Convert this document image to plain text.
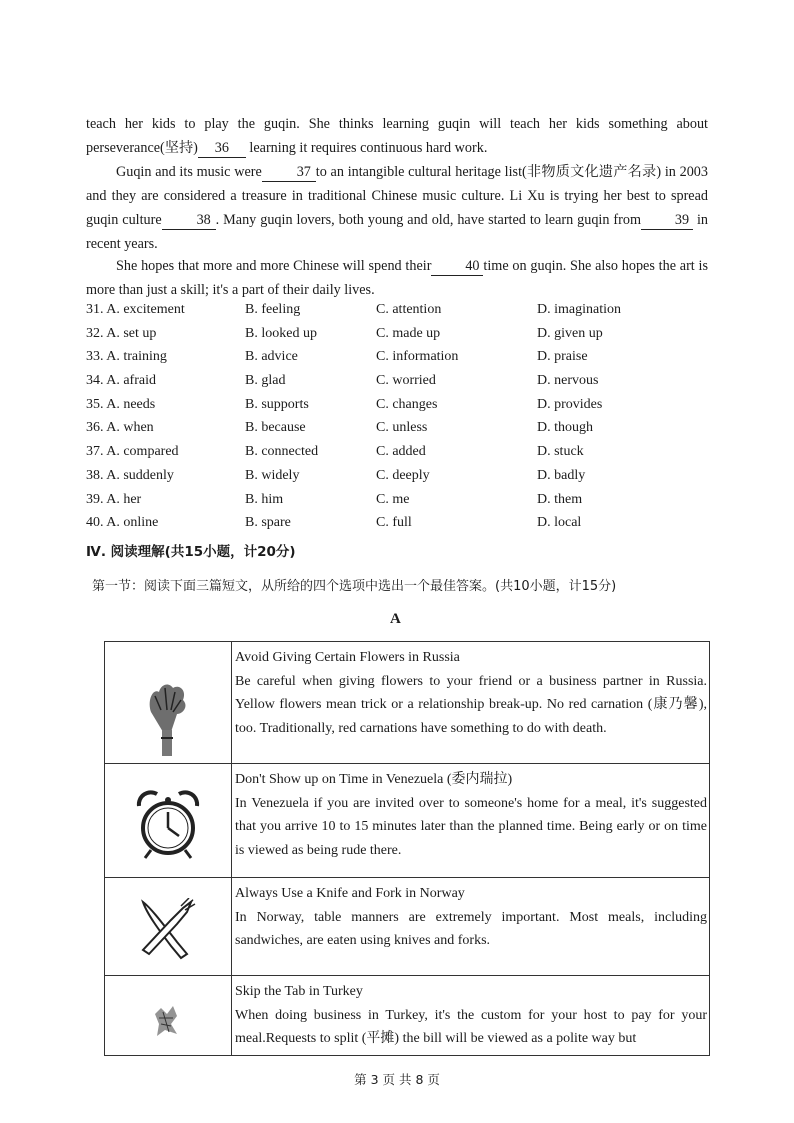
teach her kids to play the guqin. She thinks learning guqin will teach her kids something about perseverance(坚持) 36 learning it requires continuous hard work.
Guqin and its music were 37 to an intangible cultural heritage list(非物质文化遗产名录) in 2003 and they are considered a treasure in traditional Chinese music culture. Li Xu is trying her best to spread guqin culture 38 . Many guqin lovers, both young and old, have started to learn guqin from 39 in recent years.
She hopes that more and more Chinese will spend their 40 time on guqin. She also hopes the art is more than just a skill; it's a part of their daily lives.
31. A. excitement	B. feeling	C. attention	D. imagination
32. A. set up	B. looked up	C. made up	D. given up
33. A. training	B. advice	C. information	D. praise
34. A. afraid	B. glad	C. worried	D. nervous
35. A. needs	B. supports	C. changes	D. provides
36. A. when	B. because	C. unless	D. though
37. A. compared	B. connected	C. added	D. stuck
38. A. suddenly	B. widely	C. deeply	D. badly
39. A. her	B. him	C. me	D. them
40. A. online	B. spare	C. full	D. local
Ⅳ. 阅读理解(共15小题，计20分)
第一节：阅读下面三篇短文，从所给的四个选项中选出一个最佳答案。(共10小题，计15分)
A

Avoid Giving Certain Flowers in Russia
Be careful when giving flowers to your friend or a business partner in Russia. Yellow flowers mean trick or a relationship break-up. No red carnation (康乃馨), too. Traditionally, red carnations have something to do with death.

Don't Show up on Time in Venezuela (委内瑞拉)
In Venezuela if you are invited over to someone's home for a meal, it's suggested that you arrive 10 to 15 minutes later than the planned time. Being early or on time is viewed as being rude there.

Always Use a Knife and Fork in Norway
In Norway, table manners are extremely important. Most meals, including sandwiches, are eaten using knives and forks.

Skip the Tab in Turkey
When doing business in Turkey, it's the custom for your host to pay for your meal.Requests to split (平摊) the bill will be viewed as a polite way but
第 3 页 共 8 页
